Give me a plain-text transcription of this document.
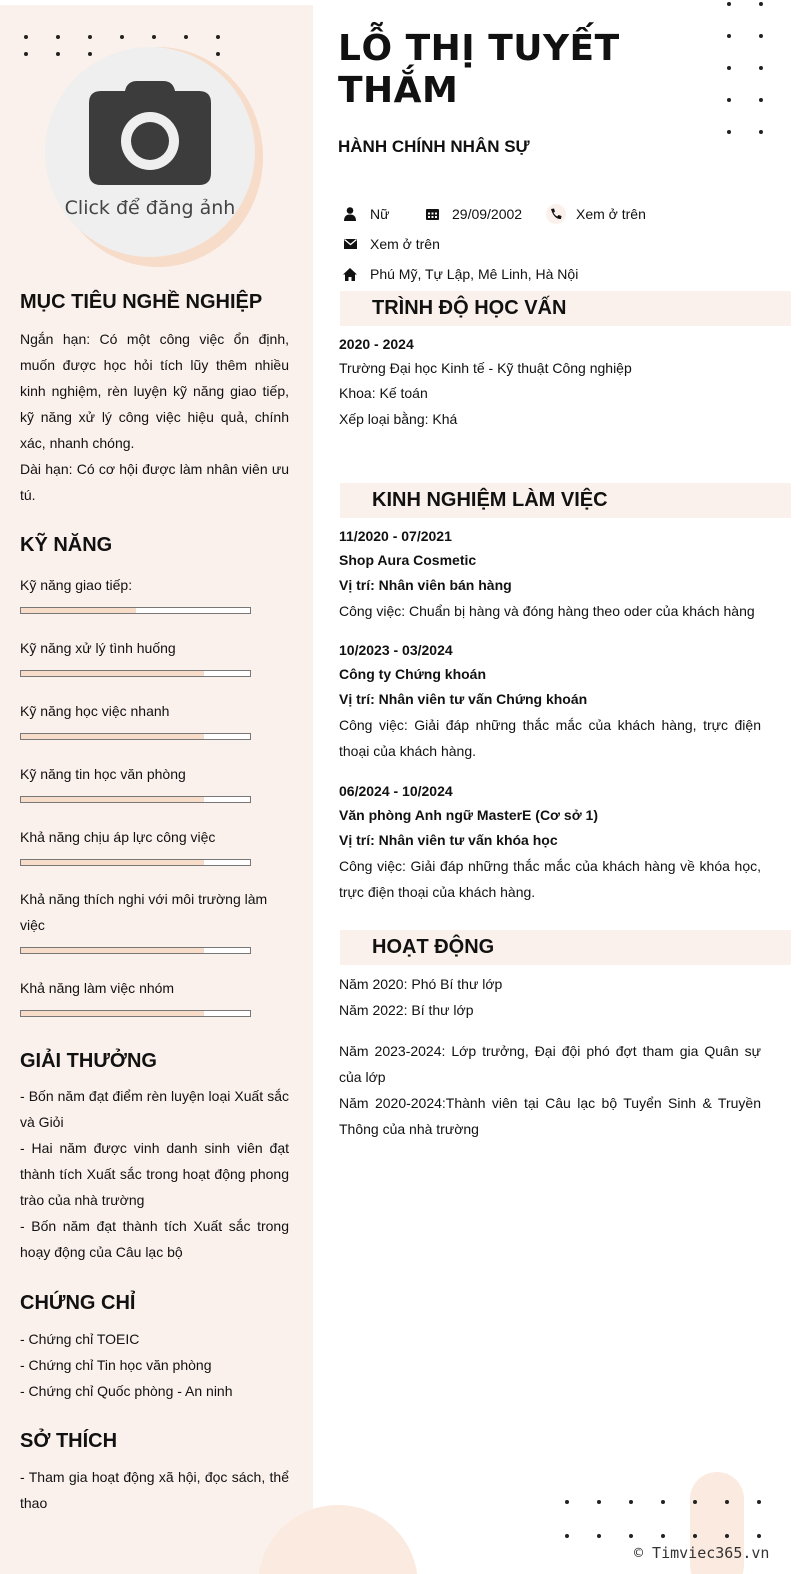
Click để đăng ảnh
MỤC TIÊU NGHỀ NGHIỆP
Ngắn hạn: Có một công việc ổn định, muốn được học hỏi tích lũy thêm nhiều kinh nghiệm, rèn luyện kỹ năng giao tiếp, kỹ năng xử lý công việc hiệu quả, chính xác, nhanh chóng.
Dài hạn: Có cơ hội được làm nhân viên ưu tú.
KỸ NĂNG
Kỹ năng giao tiếp:
Kỹ năng xử lý tình huống
Kỹ năng học việc nhanh
Kỹ năng tin học văn phòng
Khả năng chịu áp lực công việc
Khả năng thích nghi với môi trường làm việc
Khả năng làm việc nhóm
GIẢI THƯỞNG
- Bốn năm đạt điểm rèn luyện loại Xuất sắc và Giỏi
- Hai năm được vinh danh sinh viên đạt thành tích Xuất sắc trong hoạt động phong trào của nhà trường
- Bốn năm đạt thành tích Xuất sắc trong hoạy động của Câu lạc bộ
CHỨNG CHỈ
- Chứng chỉ TOEIC
- Chứng chỉ Tin học văn phòng
- Chứng chỉ Quốc phòng - An ninh
SỞ THÍCH
- Tham gia hoạt động xã hội, đọc sách, thể thao
LỖ THỊ TUYẾT THẮM
HÀNH CHÍNH NHÂN SỰ
Nữ	29/09/2002	Xem ở trên
Xem ở trên
Phú Mỹ, Tự Lập, Mê Linh, Hà Nội
TRÌNH ĐỘ HỌC VẤN
2020 - 2024
Trường Đại học Kinh tế - Kỹ thuật Công nghiệp
Khoa: Kế toán
Xếp loại bằng: Khá
KINH NGHIỆM LÀM VIỆC
11/2020 - 07/2021
Shop Aura Cosmetic
Vị trí: Nhân viên bán hàng
Công việc: Chuẩn bị hàng và đóng hàng theo oder của khách hàng
10/2023 - 03/2024
Công ty Chứng khoán
Vị trí: Nhân viên tư vấn Chứng khoán
Công việc: Giải đáp những thắc mắc của khách hàng, trực điện thoại của khách hàng.
06/2024 - 10/2024
Văn phòng Anh ngữ MasterE (Cơ sở 1)
Vị trí: Nhân viên tư vấn khóa học
Công việc: Giải đáp những thắc mắc của khách hàng về khóa học, trực điện thoại của khách hàng.
HOẠT ĐỘNG
Năm 2020: Phó Bí thư lớp
Năm 2022: Bí thư lớp
Năm 2023-2024: Lớp trưởng, Đại đội phó đợt tham gia Quân sự của lớp
Năm 2020-2024:Thành viên tại Câu lạc bộ Tuyển Sinh & Truyền Thông của nhà trường
© Timviec365.vn
